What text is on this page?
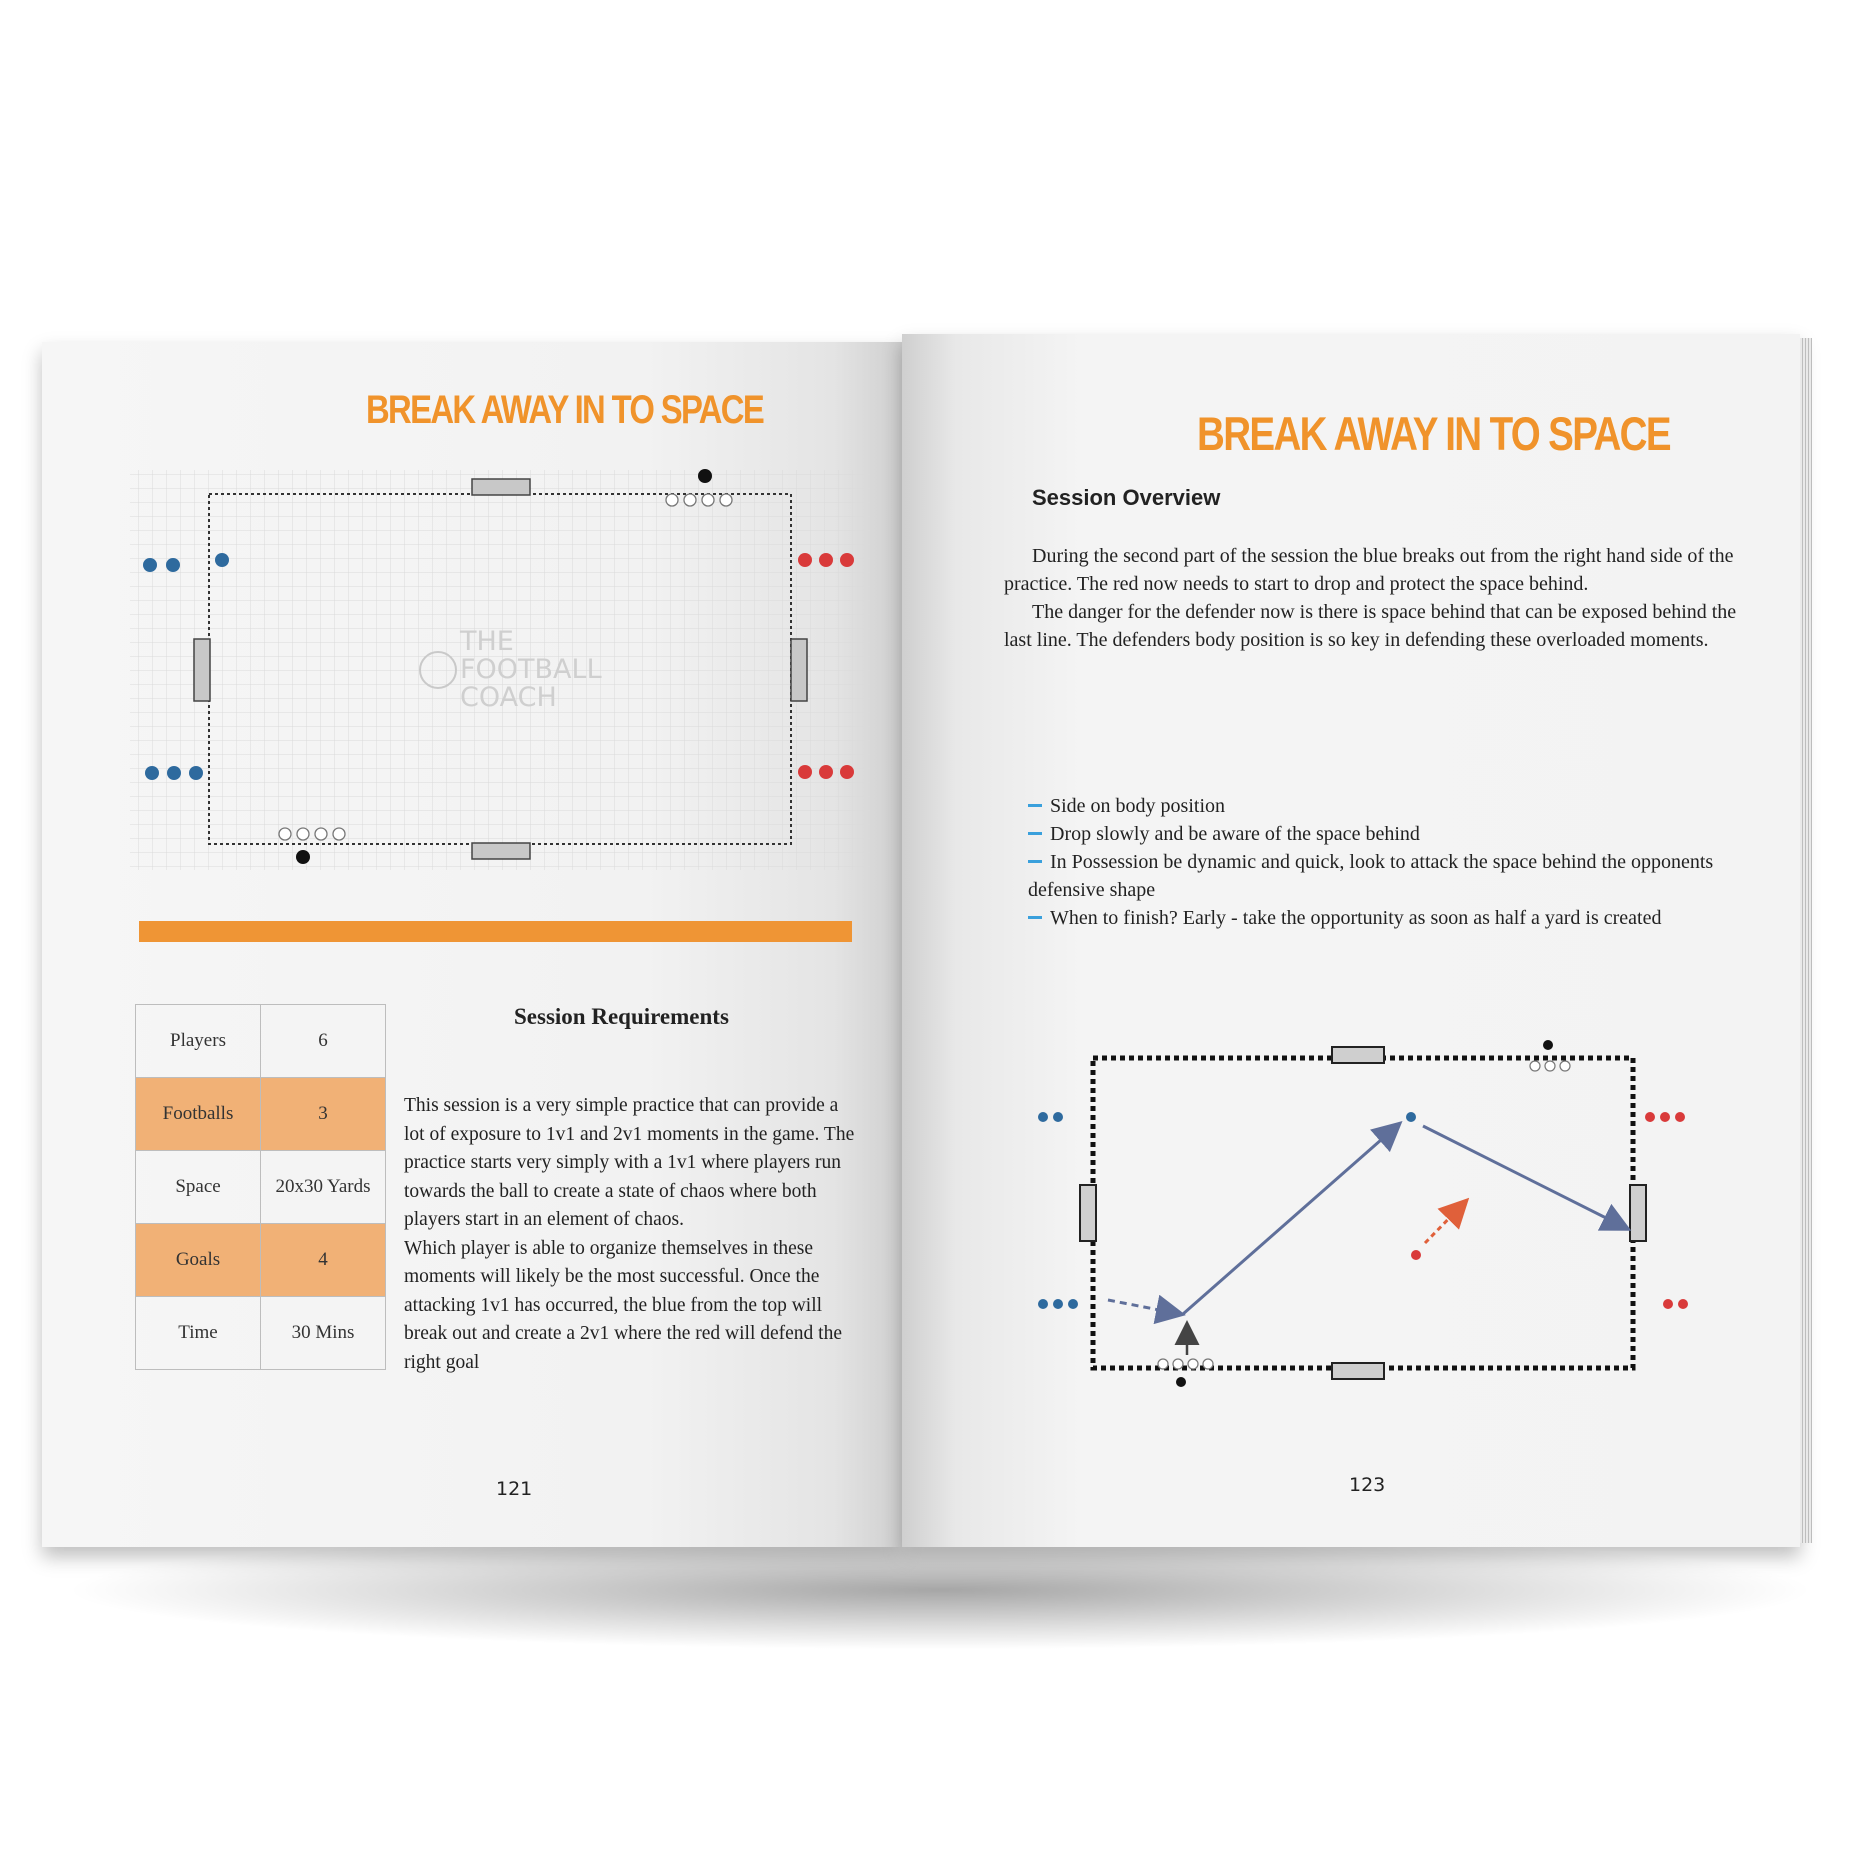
BREAK AWAY IN TO SPACE
THE
FOOTBALL
COACH
Players	6
Footballs	3
Space	20x30 Yards
Goals	4
Time	30 Mins
Session Requirements

This session is a very simple practice that can provide a lot of exposure to 1v1 and 2v1 moments in the game. The practice starts very simply with a 1v1 where players run towards the ball to create a state of chaos where both players start in an element of chaos.

Which player is able to organize themselves in these moments will likely be the most successful. Once the attacking 1v1 has occurred, the blue from the top will break out and create a 2v1 where the red will defend the right goal

121
BREAK AWAY IN TO SPACE
Session Overview

During the second part of the session the blue breaks out from the right hand side of the practice. The red now needs to start to drop and protect the space behind.

The danger for the defender now is there is space behind that can be exposed behind the last line. The defenders body position is so key in defending these overloaded moments.

Side on body position
Drop slowly and be aware of the space behind
In Possession be dynamic and quick, look to attack the space behind the opponents defensive shape
When to finish? Early - take the opportunity as soon as half a yard is created
123
